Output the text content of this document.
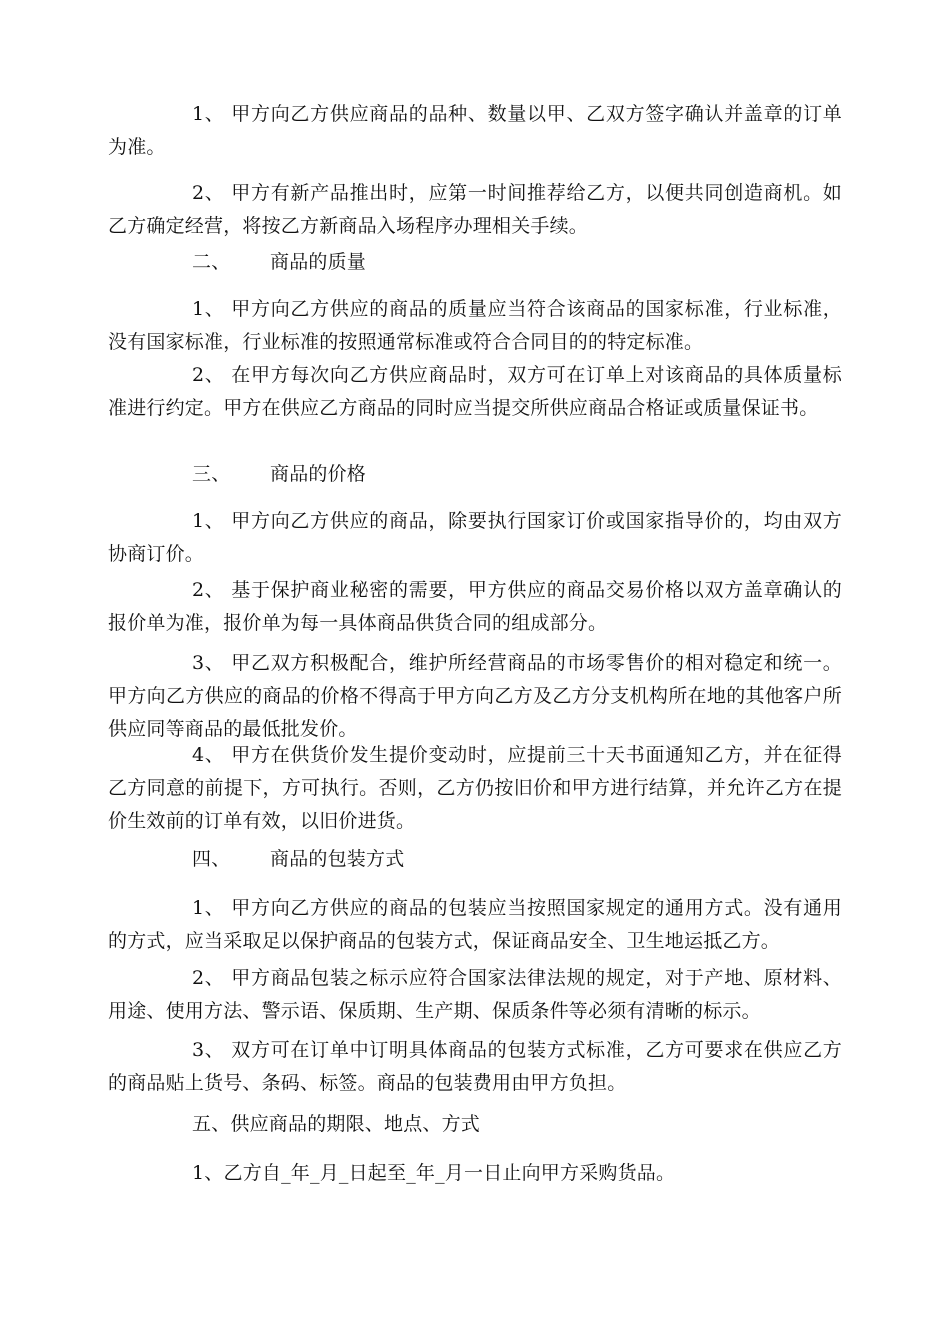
1、 甲方向乙方供应商品的品种、数量以甲、乙双方签字确认并盖章的订单为准。

2、 甲方有新产品推出时，应第一时间推荐给乙方，以便共同创造商机。如乙方确定经营，将按乙方新商品入场程序办理相关手续。

二、 商品的质量

1、 甲方向乙方供应的商品的质量应当符合该商品的国家标准，行业标准，没有国家标准，行业标准的按照通常标准或符合合同目的的特定标准。

2、 在甲方每次向乙方供应商品时，双方可在订单上对该商品的具体质量标准进行约定。甲方在供应乙方商品的同时应当提交所供应商品合格证或质量保证书。

三、 商品的价格

1、 甲方向乙方供应的商品，除要执行国家订价或国家指导价的，均由双方协商订价。

2、 基于保护商业秘密的需要，甲方供应的商品交易价格以双方盖章确认的报价单为准，报价单为每一具体商品供货合同的组成部分。

3、 甲乙双方积极配合，维护所经营商品的市场零售价的相对稳定和统一。甲方向乙方供应的商品的价格不得高于甲方向乙方及乙方分支机构所在地的其他客户所供应同等商品的最低批发价。

4、 甲方在供货价发生提价变动时，应提前三十天书面通知乙方，并在征得乙方同意的前提下，方可执行。否则，乙方仍按旧价和甲方进行结算，并允许乙方在提价生效前的订单有效，以旧价进货。

四、 商品的包装方式

1、 甲方向乙方供应的商品的包装应当按照国家规定的通用方式。没有通用的方式，应当采取足以保护商品的包装方式，保证商品安全、卫生地运抵乙方。

2、 甲方商品包装之标示应符合国家法律法规的规定，对于产地、原材料、用途、使用方法、警示语、保质期、生产期、保质条件等必须有清晰的标示。

3、 双方可在订单中订明具体商品的包装方式标准，乙方可要求在供应乙方的商品贴上货号、条码、标签。商品的包装费用由甲方负担。

五、供应商品的期限、地点、方式

1、乙方自_年_月_日起至_年_月一日止向甲方采购货品。
